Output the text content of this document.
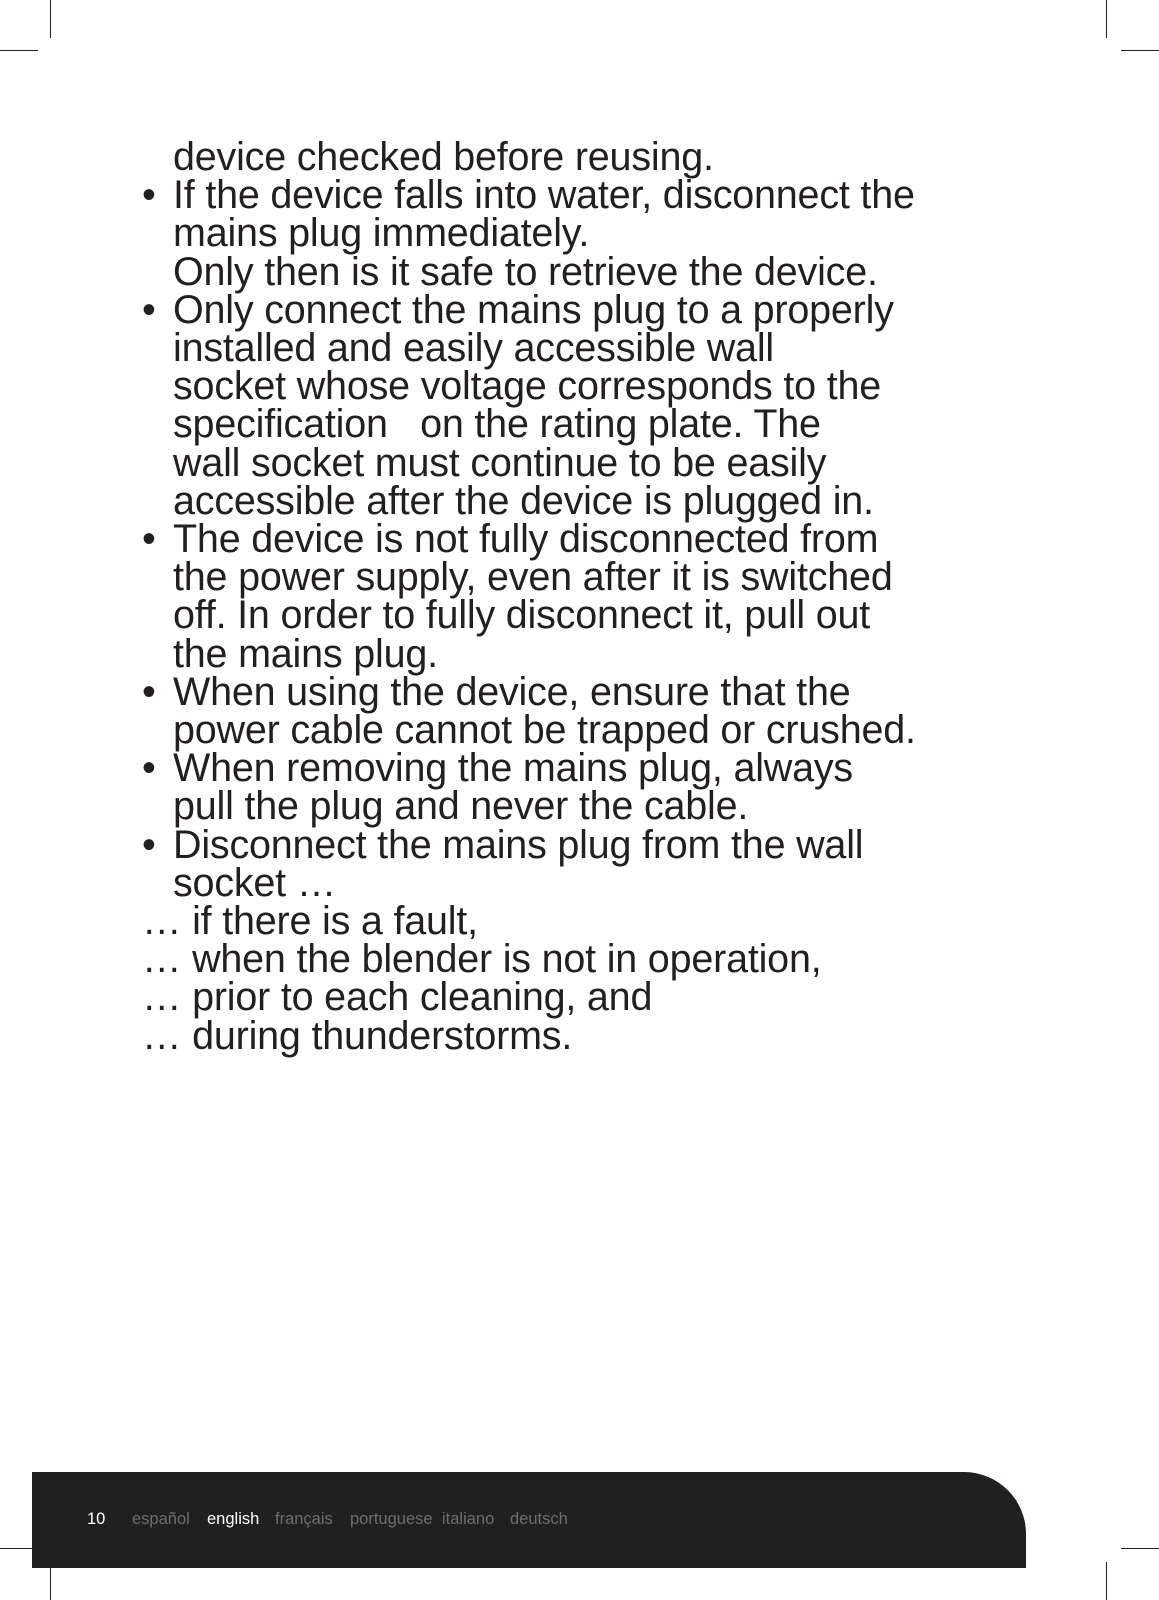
device checked before reusing.
• If the device falls into water, disconnect the
mains plug immediately.
Only then is it safe to retrieve the device.
• Only connect the mains plug to a properly
installed and easily accessible wall
socket whose voltage corresponds to the
specification   on the rating plate. The
wall socket must continue to be easily
accessible after the device is plugged in.
• The device is not fully disconnected from
the power supply, even after it is switched
off. In order to fully disconnect it, pull out
the mains plug.
• When using the device, ensure that the
power cable cannot be trapped or crushed.
• When removing the mains plug, always
pull the plug and never the cable.
• Disconnect the mains plug from the wall
socket …
… if there is a fault,
… when the blender is not in operation,
… prior to each cleaning, and
… during thunderstorms.
10 español english français portuguese italiano deutsch
